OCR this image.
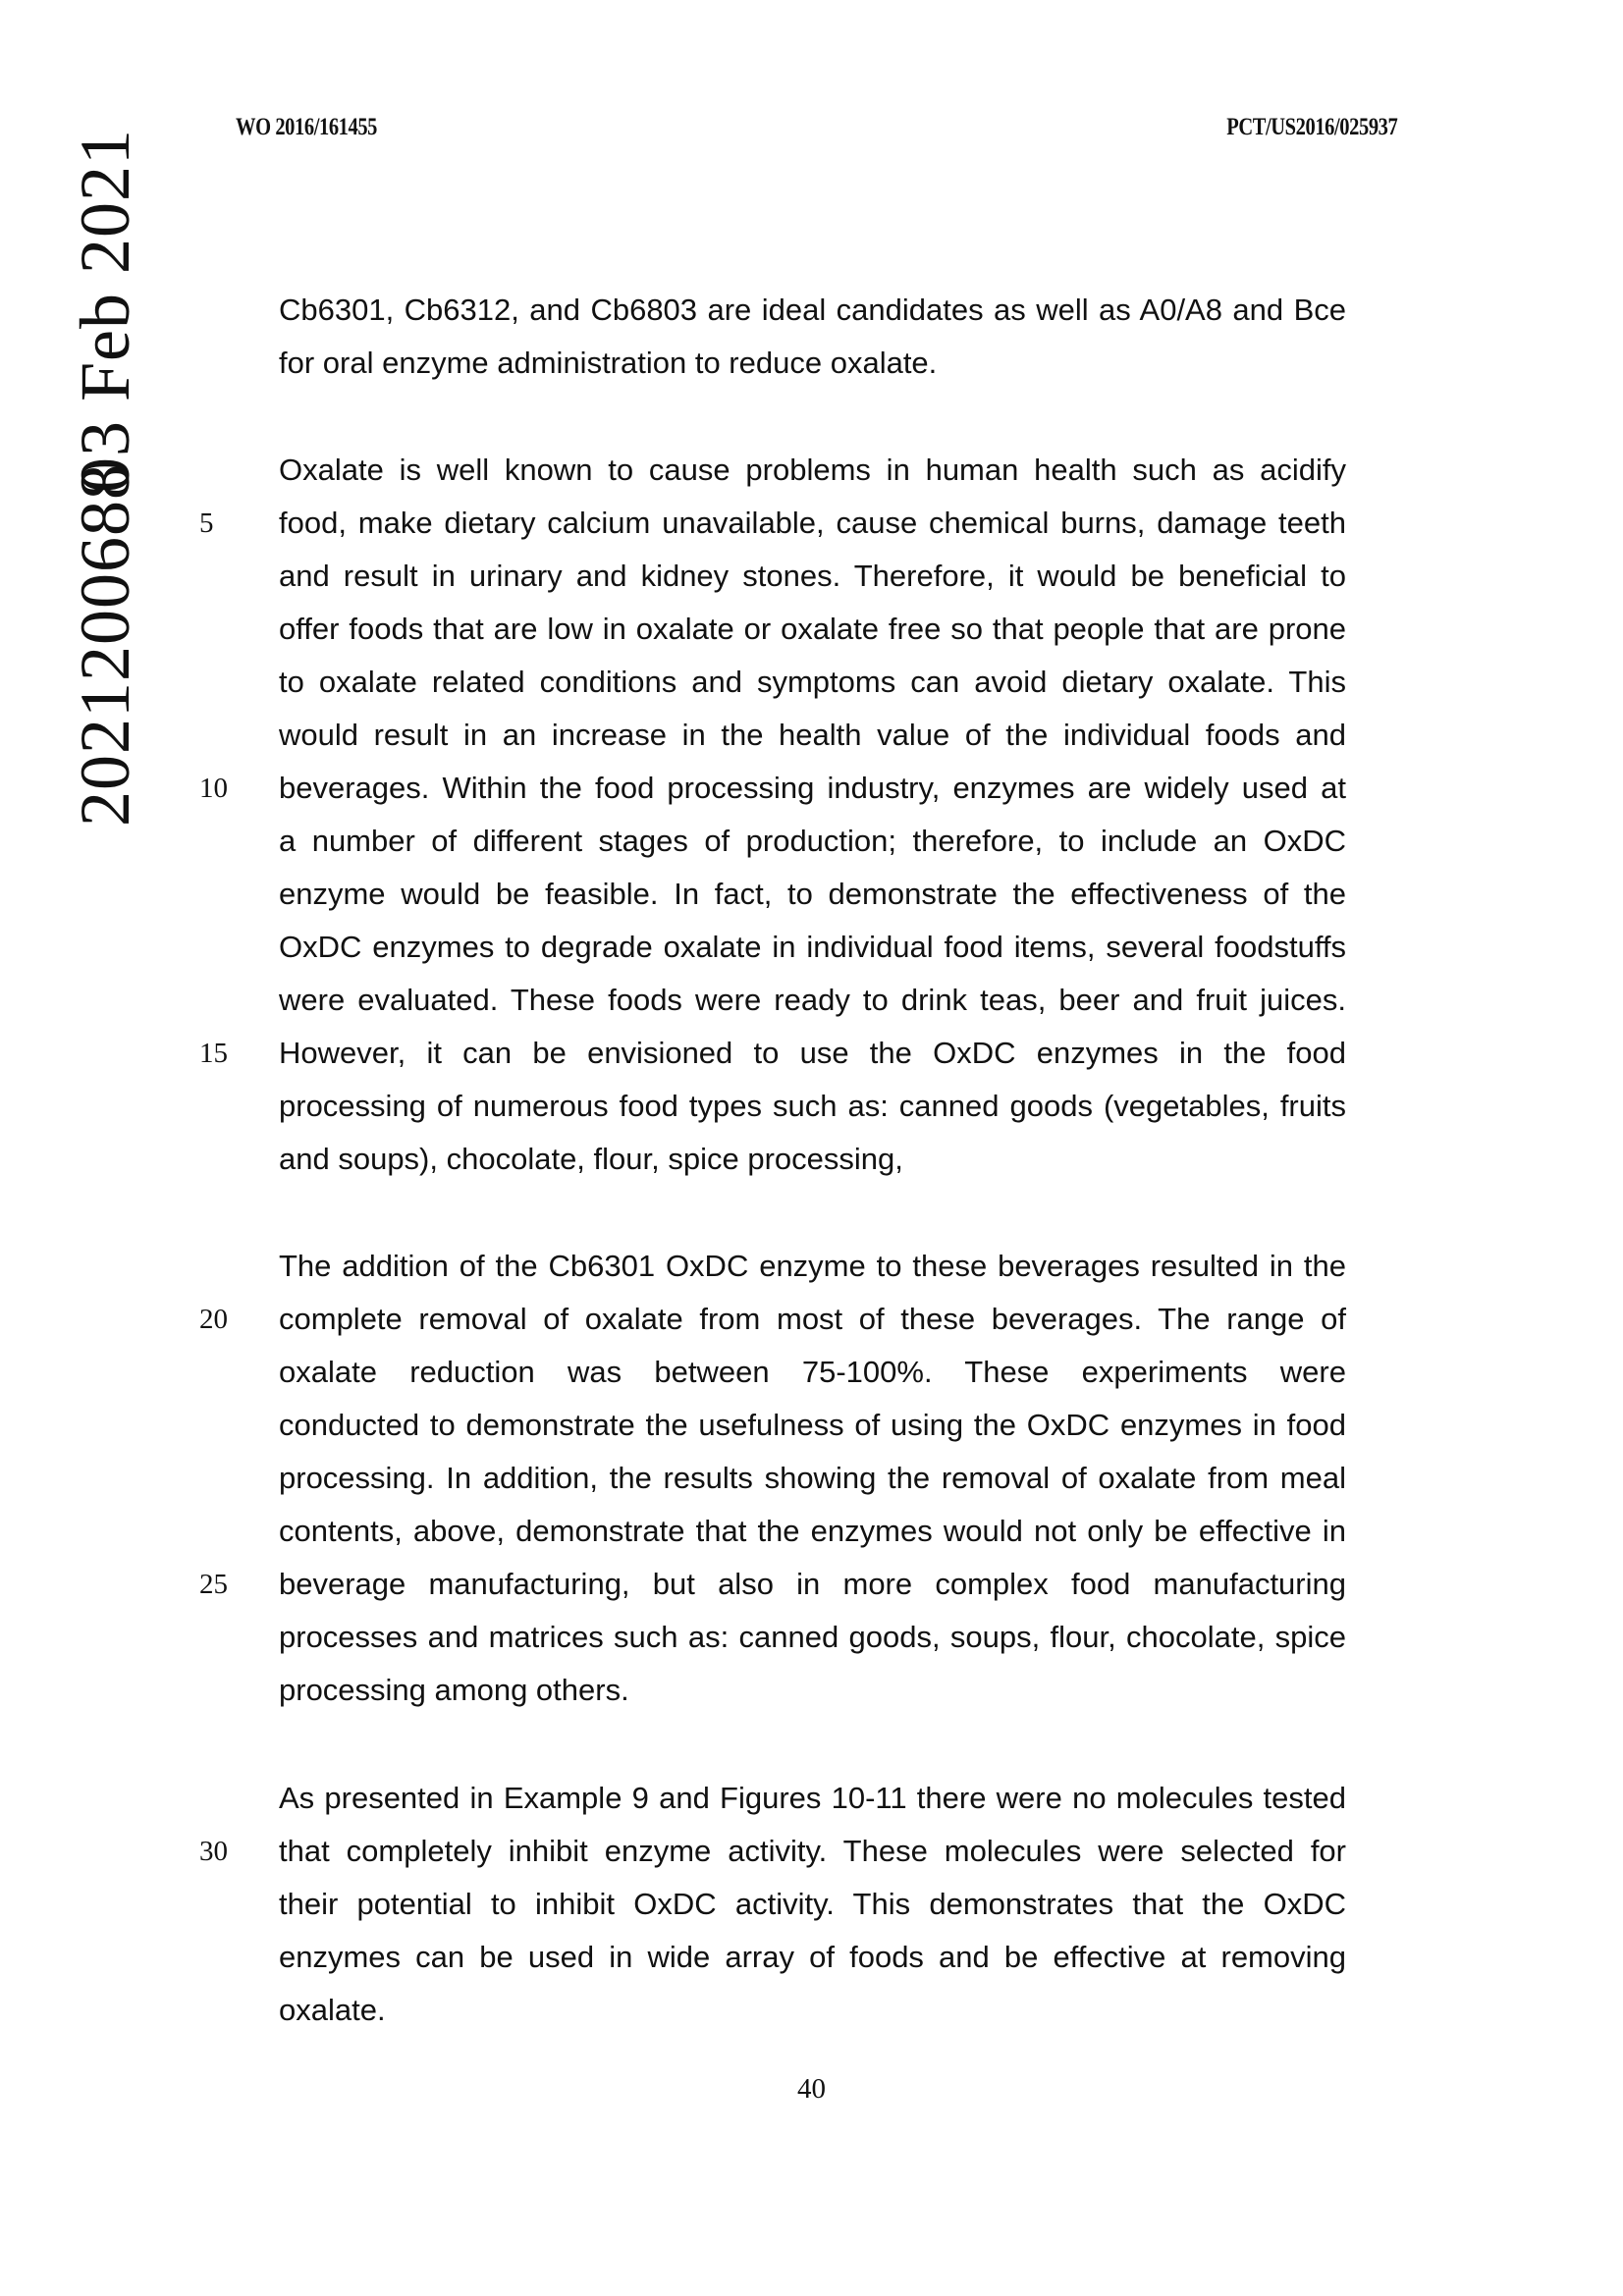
WO 2016/161455	PCT/US2016/025937
03 Feb 2021
2021200688
Cb6301, Cb6312, and Cb6803 are ideal candidates as well as A0/A8 and Bce
for oral enzyme administration to reduce oxalate.
Oxalate is well known to cause problems in human health such as acidify
food, make dietary calcium unavailable, cause chemical burns, damage teeth
and result in urinary and kidney stones. Therefore, it would be beneficial to
offer foods that are low in oxalate or oxalate free so that people that are prone
to oxalate related conditions and symptoms can avoid dietary oxalate. This
would result in an increase in the health value of the individual foods and
beverages. Within the food processing industry, enzymes are widely used at
a number of different stages of production; therefore, to include an OxDC
enzyme would be feasible. In fact, to demonstrate the effectiveness of the
OxDC enzymes to degrade oxalate in individual food items, several foodstuffs
were evaluated. These foods were ready to drink teas, beer and fruit juices.
However, it can be envisioned to use the OxDC enzymes in the food
processing of numerous food types such as: canned goods (vegetables, fruits
and soups), chocolate, flour, spice processing,
The addition of the Cb6301 OxDC enzyme to these beverages resulted in the
complete removal of oxalate from most of these beverages. The range of
oxalate reduction was between 75-100%. These experiments were
conducted to demonstrate the usefulness of using the OxDC enzymes in food
processing. In addition, the results showing the removal of oxalate from meal
contents, above, demonstrate that the enzymes would not only be effective in
beverage manufacturing, but also in more complex food manufacturing
processes and matrices such as: canned goods, soups, flour, chocolate, spice
processing among others.
As presented in Example 9 and Figures 10-11 there were no molecules tested
that completely inhibit enzyme activity. These molecules were selected for
their potential to inhibit OxDC activity. This demonstrates that the OxDC
enzymes can be used in wide array of foods and be effective at removing
oxalate.
5
10
15
20
25
30
40
